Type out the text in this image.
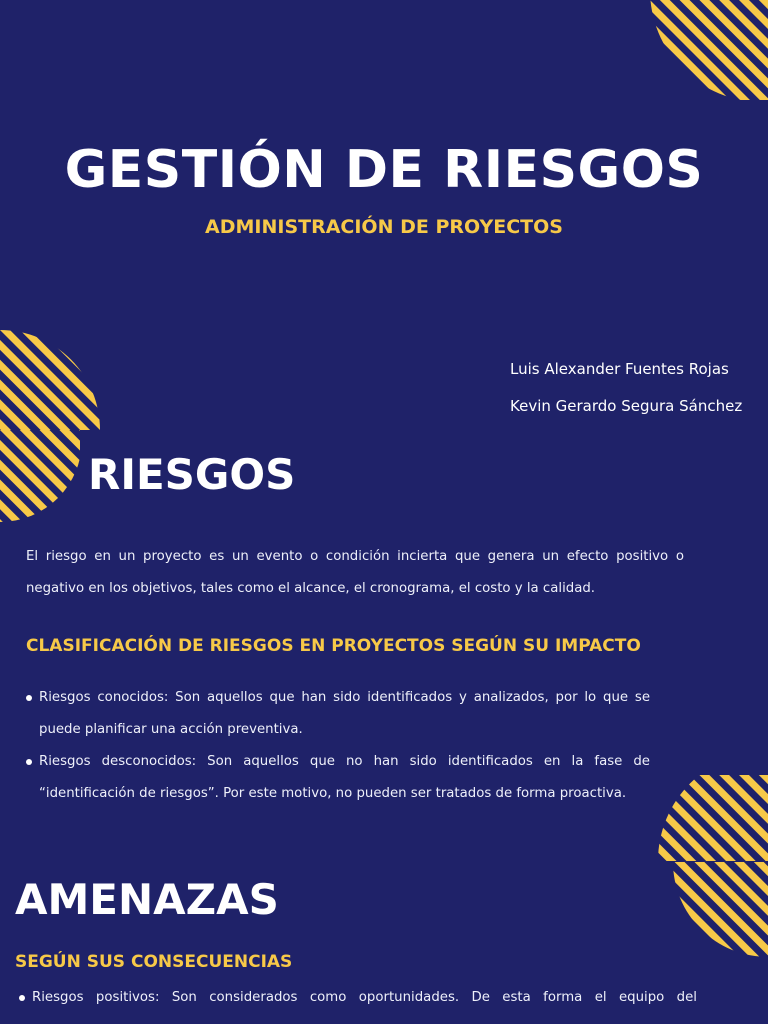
GESTIÓN DE RIESGOS
ADMINISTRACIÓN DE PROYECTOS
Luis Alexander Fuentes Rojas
Kevin Gerardo Segura Sánchez
RIESGOS
El riesgo en un proyecto es un evento o condición incierta que genera un efecto positivo o negativo en los objetivos, tales como el alcance, el cronograma, el costo y la calidad.
CLASIFICACIÓN DE RIESGOS EN PROYECTOS SEGÚN SU IMPACTO
Riesgos conocidos: Son aquellos que han sido identificados y analizados, por lo que se puede planificar una acción preventiva.
Riesgos desconocidos: Son aquellos que no han sido identificados en la fase de “identificación de riesgos”. Por este motivo, no pueden ser tratados de forma proactiva.
AMENAZAS
SEGÚN SUS CONSECUENCIAS
Riesgos positivos: Son considerados como oportunidades. De esta forma el equipo del
